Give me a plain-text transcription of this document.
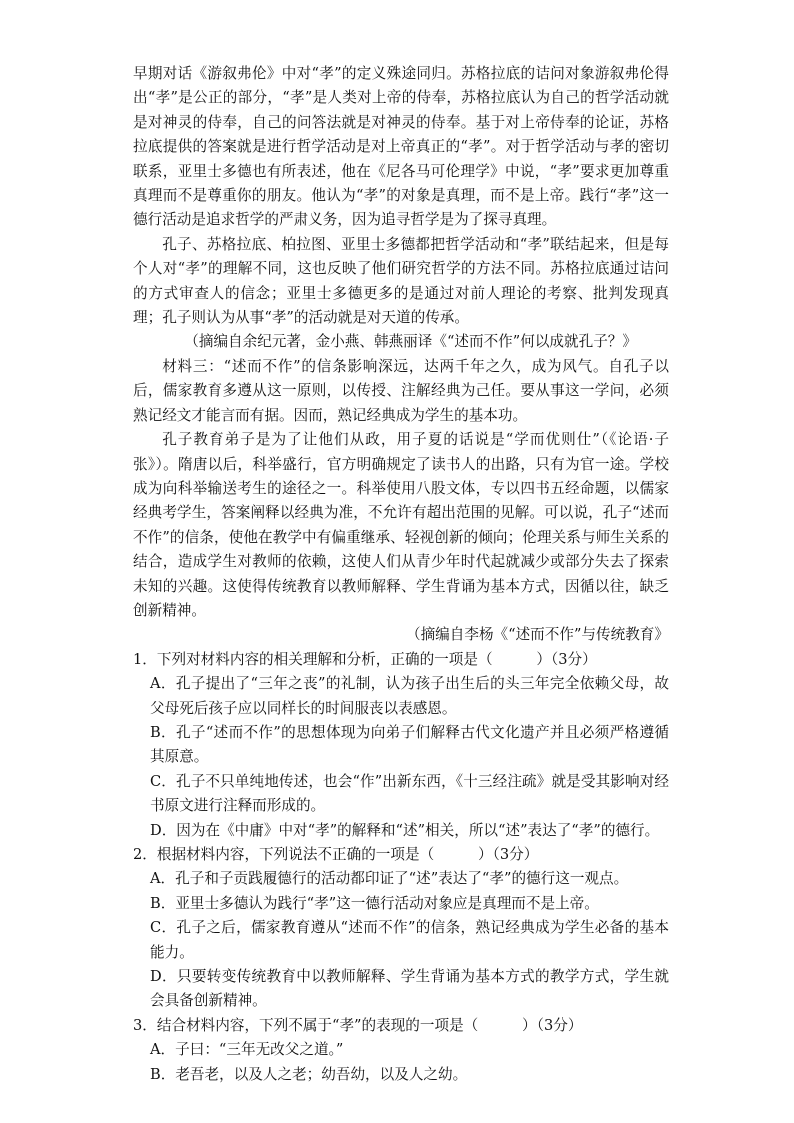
早期对话《游叙弗伦》中对“孝”的定义殊途同归。苏格拉底的诘问对象游叙弗伦得出“孝”是公正的部分，“孝”是人类对上帝的侍奉，苏格拉底认为自己的哲学活动就是对神灵的侍奉，自己的问答法就是对神灵的侍奉。基于对上帝侍奉的论证，苏格拉底提供的答案就是进行哲学活动是对上帝真正的“孝”。对于哲学活动与孝的密切联系，亚里士多德也有所表述，他在《尼各马可伦理学》中说，“孝”要求更加尊重真理而不是尊重你的朋友。他认为“孝”的对象是真理，而不是上帝。践行“孝”这一德行活动是追求哲学的严肃义务，因为追寻哲学是为了探寻真理。

孔子、苏格拉底、柏拉图、亚里士多德都把哲学活动和“孝”联结起来，但是每个人对“孝”的理解不同，这也反映了他们研究哲学的方法不同。苏格拉底通过诘问的方式审查人的信念；亚里士多德更多的是通过对前人理论的考察、批判发现真理；孔子则认为从事“孝”的活动就是对天道的传承。

（摘编自余纪元著，金小燕、韩燕丽译《“述而不作”何以成就孔子？》

材料三：“述而不作”的信条影响深远，达两千年之久，成为风气。自孔子以后，儒家教育多遵从这一原则，以传授、注解经典为己任。要从事这一学问，必须熟记经文才能言而有据。因而，熟记经典成为学生的基本功。

孔子教育弟子是为了让他们从政，用子夏的话说是“学而优则仕”（《论语·子张》）。隋唐以后，科举盛行，官方明确规定了读书人的出路，只有为官一途。学校成为向科举输送考生的途径之一。科举使用八股文体，专以四书五经命题，以儒家经典考学生，答案阐释以经典为准，不允许有超出范围的见解。可以说，孔子“述而不作”的信条，使他在教学中有偏重继承、轻视创新的倾向；伦理关系与师生关系的结合，造成学生对教师的依赖，这使人们从青少年时代起就减少或部分失去了探索未知的兴趣。这使得传统教育以教师解释、学生背诵为基本方式，因循以往，缺乏创新精神。

（摘编自李杨《“述而不作”与传统教育》

1．下列对材料内容的相关理解和分析，正确的一项是（　　　）（3分）

A．孔子提出了“三年之丧”的礼制，认为孩子出生后的头三年完全依赖父母，故父母死后孩子应以同样长的时间服丧以表感恩。

B．孔子“述而不作”的思想体现为向弟子们解释古代文化遗产并且必须严格遵循其原意。

C．孔子不只单纯地传述，也会“作”出新东西，《十三经注疏》就是受其影响对经书原文进行注释而形成的。

D．因为在《中庸》中对“孝”的解释和“述”相关，所以“述”表达了“孝”的德行。

2．根据材料内容，下列说法不正确的一项是（　　　）（3分）

A．孔子和子贡践履德行的活动都印证了“述”表达了“孝”的德行这一观点。

B．亚里士多德认为践行“孝”这一德行活动对象应是真理而不是上帝。

C．孔子之后，儒家教育遵从“述而不作”的信条，熟记经典成为学生必备的基本能力。

D．只要转变传统教育中以教师解释、学生背诵为基本方式的教学方式，学生就会具备创新精神。

3．结合材料内容，下列不属于“孝”的表现的一项是（　　　）（3分）

A．子曰：“三年无改父之道。”

B．老吾老，以及人之老；幼吾幼，以及人之幼。
